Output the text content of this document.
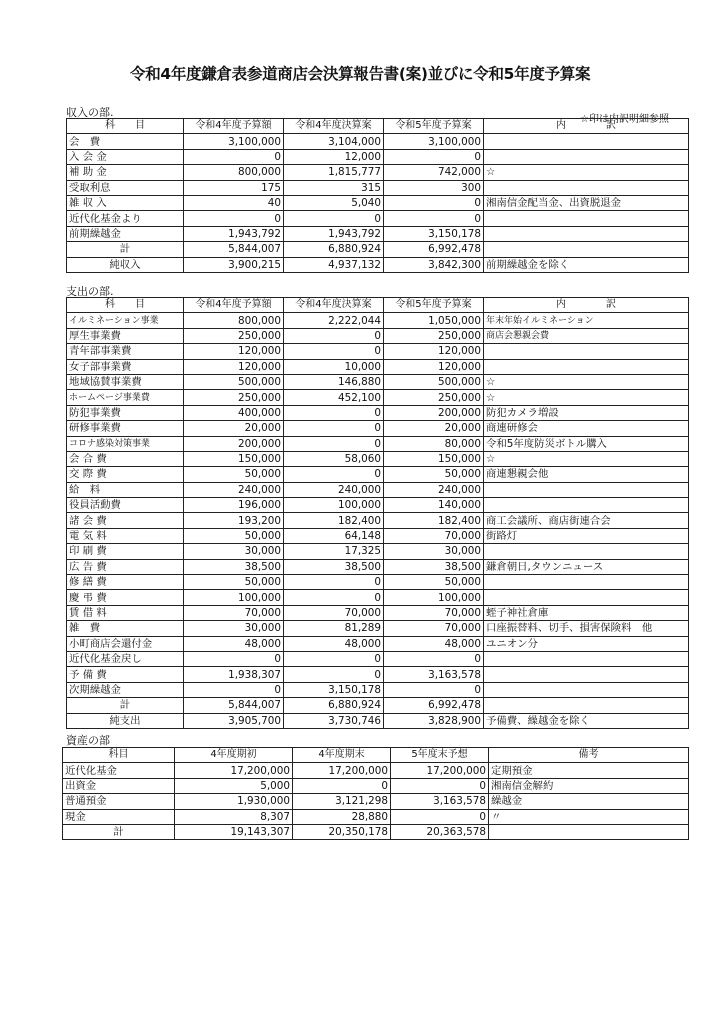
令和4年度鎌倉表参道商店会決算報告書(案)並びに令和5年度予算案
収入の部.
☆印は内訳明細参照
科　　目	令和4年度予算額	令和4年度決算案	令和5年度予算案	内　　　　訳
会　費	3,100,000	3,104,000	3,100,000	
入 会 金	0	12,000	0	
補 助 金	800,000	1,815,777	742,000	☆
受取利息	175	315	300	
雑 収 入	40	5,040	0	湘南信金配当金、出資脱退金
近代化基金より	0	0	0	
前期繰越金	1,943,792	1,943,792	3,150,178	
計	5,844,007	6,880,924	6,992,478	
純収入	3,900,215	4,937,132	3,842,300	前期繰越金を除く
支出の部.
科　　目	令和4年度予算額	令和4年度決算案	令和5年度予算案	内　　　　訳
イルミネーション事業	800,000	2,222,044	1,050,000	年末年始イルミネーション
厚生事業費	250,000	0	250,000	商店会懇親会費
青年部事業費	120,000	0	120,000	
女子部事業費	120,000	10,000	120,000	
地域協賛事業費	500,000	146,880	500,000	☆
ホームページ事業費	250,000	452,100	250,000	☆
防犯事業費	400,000	0	200,000	防犯カメラ増設
研修事業費	20,000	0	20,000	商連研修会
コロナ感染対策事業	200,000	0	80,000	令和5年度防災ボトル購入
会 合 費	150,000	58,060	150,000	☆
交 際 費	50,000	0	50,000	商連懇親会他
給　料	240,000	240,000	240,000	
役員活動費	196,000	100,000	140,000	
諸 会 費	193,200	182,400	182,400	商工会議所、商店街連合会
電 気 料	50,000	64,148	70,000	街路灯
印 刷 費	30,000	17,325	30,000	
広 告 費	38,500	38,500	38,500	鎌倉朝日,タウンニュース
修 繕 費	50,000	0	50,000	
慶 弔 費	100,000	0	100,000	
賃 借 料	70,000	70,000	70,000	蛭子神社倉庫
雑　費	30,000	81,289	70,000	口座振替料、切手、損害保険料　他
小町商店会還付金	48,000	48,000	48,000	ユニオン分
近代化基金戻し	0	0	0	
予 備 費	1,938,307	0	3,163,578	
次期繰越金	0	3,150,178	0	
計	5,844,007	6,880,924	6,992,478	
純支出	3,905,700	3,730,746	3,828,900	予備費、繰越金を除く
資産の部
科目	4年度期初	4年度期末	5年度末予想	備考
近代化基金	17,200,000	17,200,000	17,200,000	定期預金
出資金	5,000	0	0	湘南信金解約
普通預金	1,930,000	3,121,298	3,163,578	繰越金
現金	8,307	28,880	0	〃
計	19,143,307	20,350,178	20,363,578	
